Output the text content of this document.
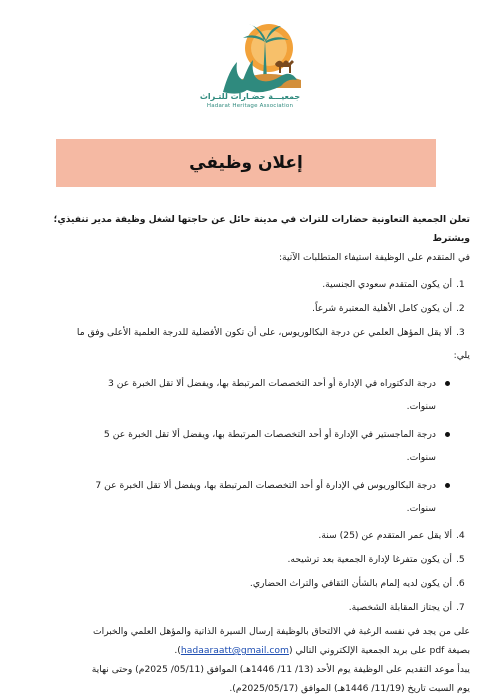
جمعيـــة حضـارات للتـراث
Hadarat Heritage Association
إعلان وظيفي
تعلن الجمعية التعاونية حضارات للتراث في مدينة حائل عن حاجتها لشغل وظيفة مدير تنفيذي؛ ويشترط
في المتقدم على الوظيفة استيفاء المتطلبات الآتية:
1.
أن يكون المتقدم سعودي الجنسية.
2.
أن يكون كامل الأهلية المعتبرة شرعاً.
3.
ألا يقل المؤهل العلمي عن درجة البكالوريوس، على أن تكون الأفضلية للدرجة العلمية الأعلى وفق ما
يلي:
درجة الدكتوراه في الإدارة أو أحد التخصصات المرتبطة بها، ويفضل ألا تقل الخبرة عن 3
سنوات.
درجة الماجستير في الإدارة أو أحد التخصصات المرتبطة بها، ويفضل ألا تقل الخبرة عن 5
سنوات.
درجة البكالوريوس في الإدارة أو أحد التخصصات المرتبطة بها، ويفضل ألا تقل الخبرة عن 7
سنوات.
4.
ألا يقل عمر المتقدم عن (25) سنة.
5.
أن يكون متفرغا لإدارة الجمعية بعد ترشيحه.
6.
أن يكون لديه إلمام بالشأن الثقافي والتراث الحضاري.
7.
أن يجتاز المقابلة الشخصية.
على من يجد في نفسه الرغبة في الالتحاق بالوظيفة إرسال السيرة الذاتية والمؤهل العلمي والخبرات
بصيغة pdf على بريد الجمعية الإلكتروني التالي (hadaaraatt@gmail.com).
يبدأ موعد التقديم على الوظيفة يوم الأحد (13/ 11/ 1446هـ) الموافق (05/11/ 2025م) وحتى نهاية
يوم السبت تاريخ (11/19/ 1446هـ) الموافق (2025/05/17م).
